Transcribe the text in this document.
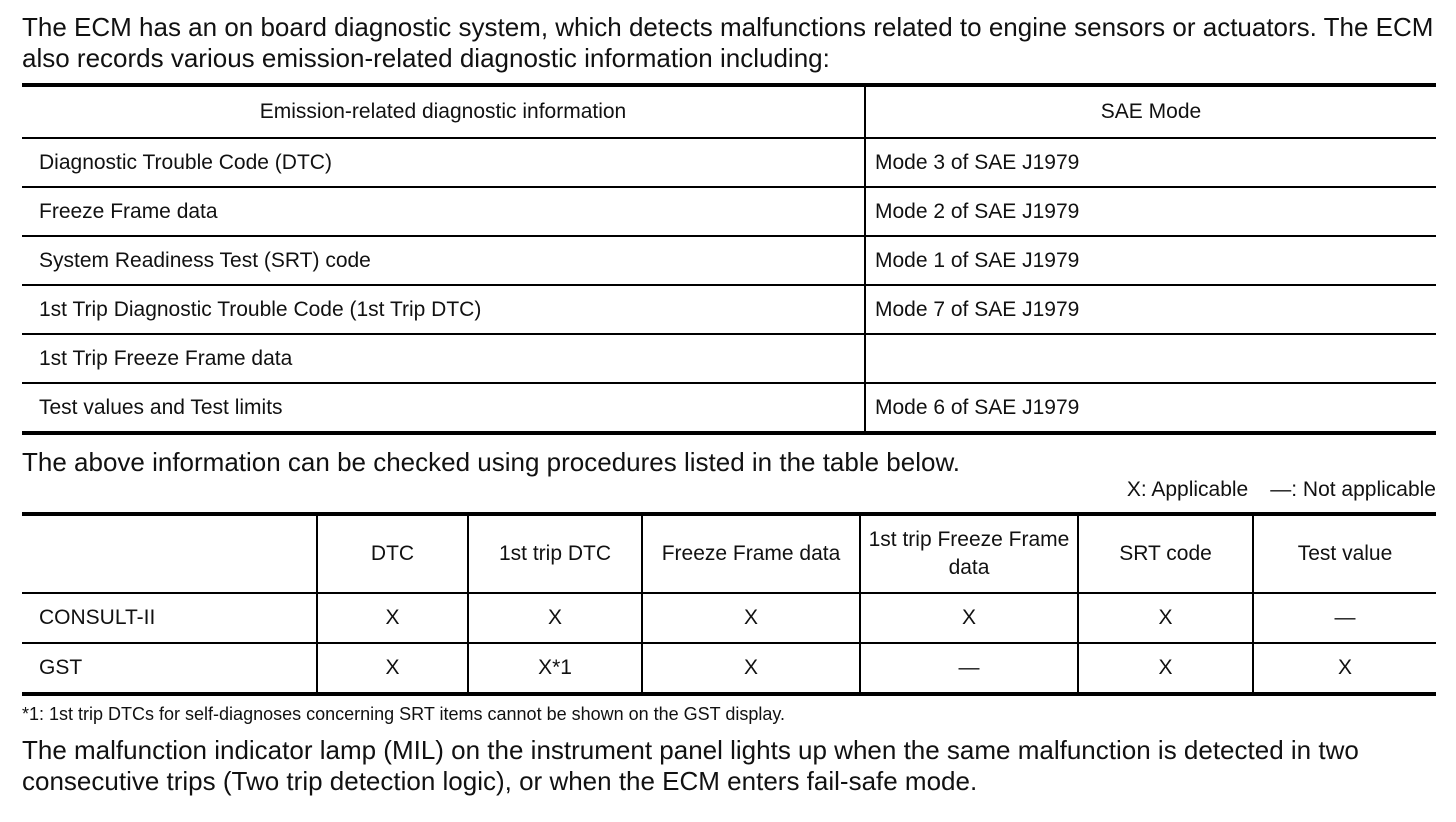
The ECM has an on board diagnostic system, which detects malfunctions related to engine sensors or actuators. The ECM also records various emission-related diagnostic information including:

Emission-related diagnostic information	SAE Mode
Diagnostic Trouble Code (DTC)	Mode 3 of SAE J1979
Freeze Frame data	Mode 2 of SAE J1979
System Readiness Test (SRT) code	Mode 1 of SAE J1979
1st Trip Diagnostic Trouble Code (1st Trip DTC)	Mode 7 of SAE J1979
1st Trip Freeze Frame data	
Test values and Test limits	Mode 6 of SAE J1979

The above information can be checked using procedures listed in the table below.

X: Applicable —: Not applicable

	DTC	1st trip DTC	Freeze Frame data	1st trip Freeze Frame data	SRT code	Test value
CONSULT-II	X	X	X	X	X	—
GST	X	X*1	X	—	X	X

*1: 1st trip DTCs for self-diagnoses concerning SRT items cannot be shown on the GST display.

The malfunction indicator lamp (MIL) on the instrument panel lights up when the same malfunction is detected in two consecutive trips (Two trip detection logic), or when the ECM enters fail-safe mode.
